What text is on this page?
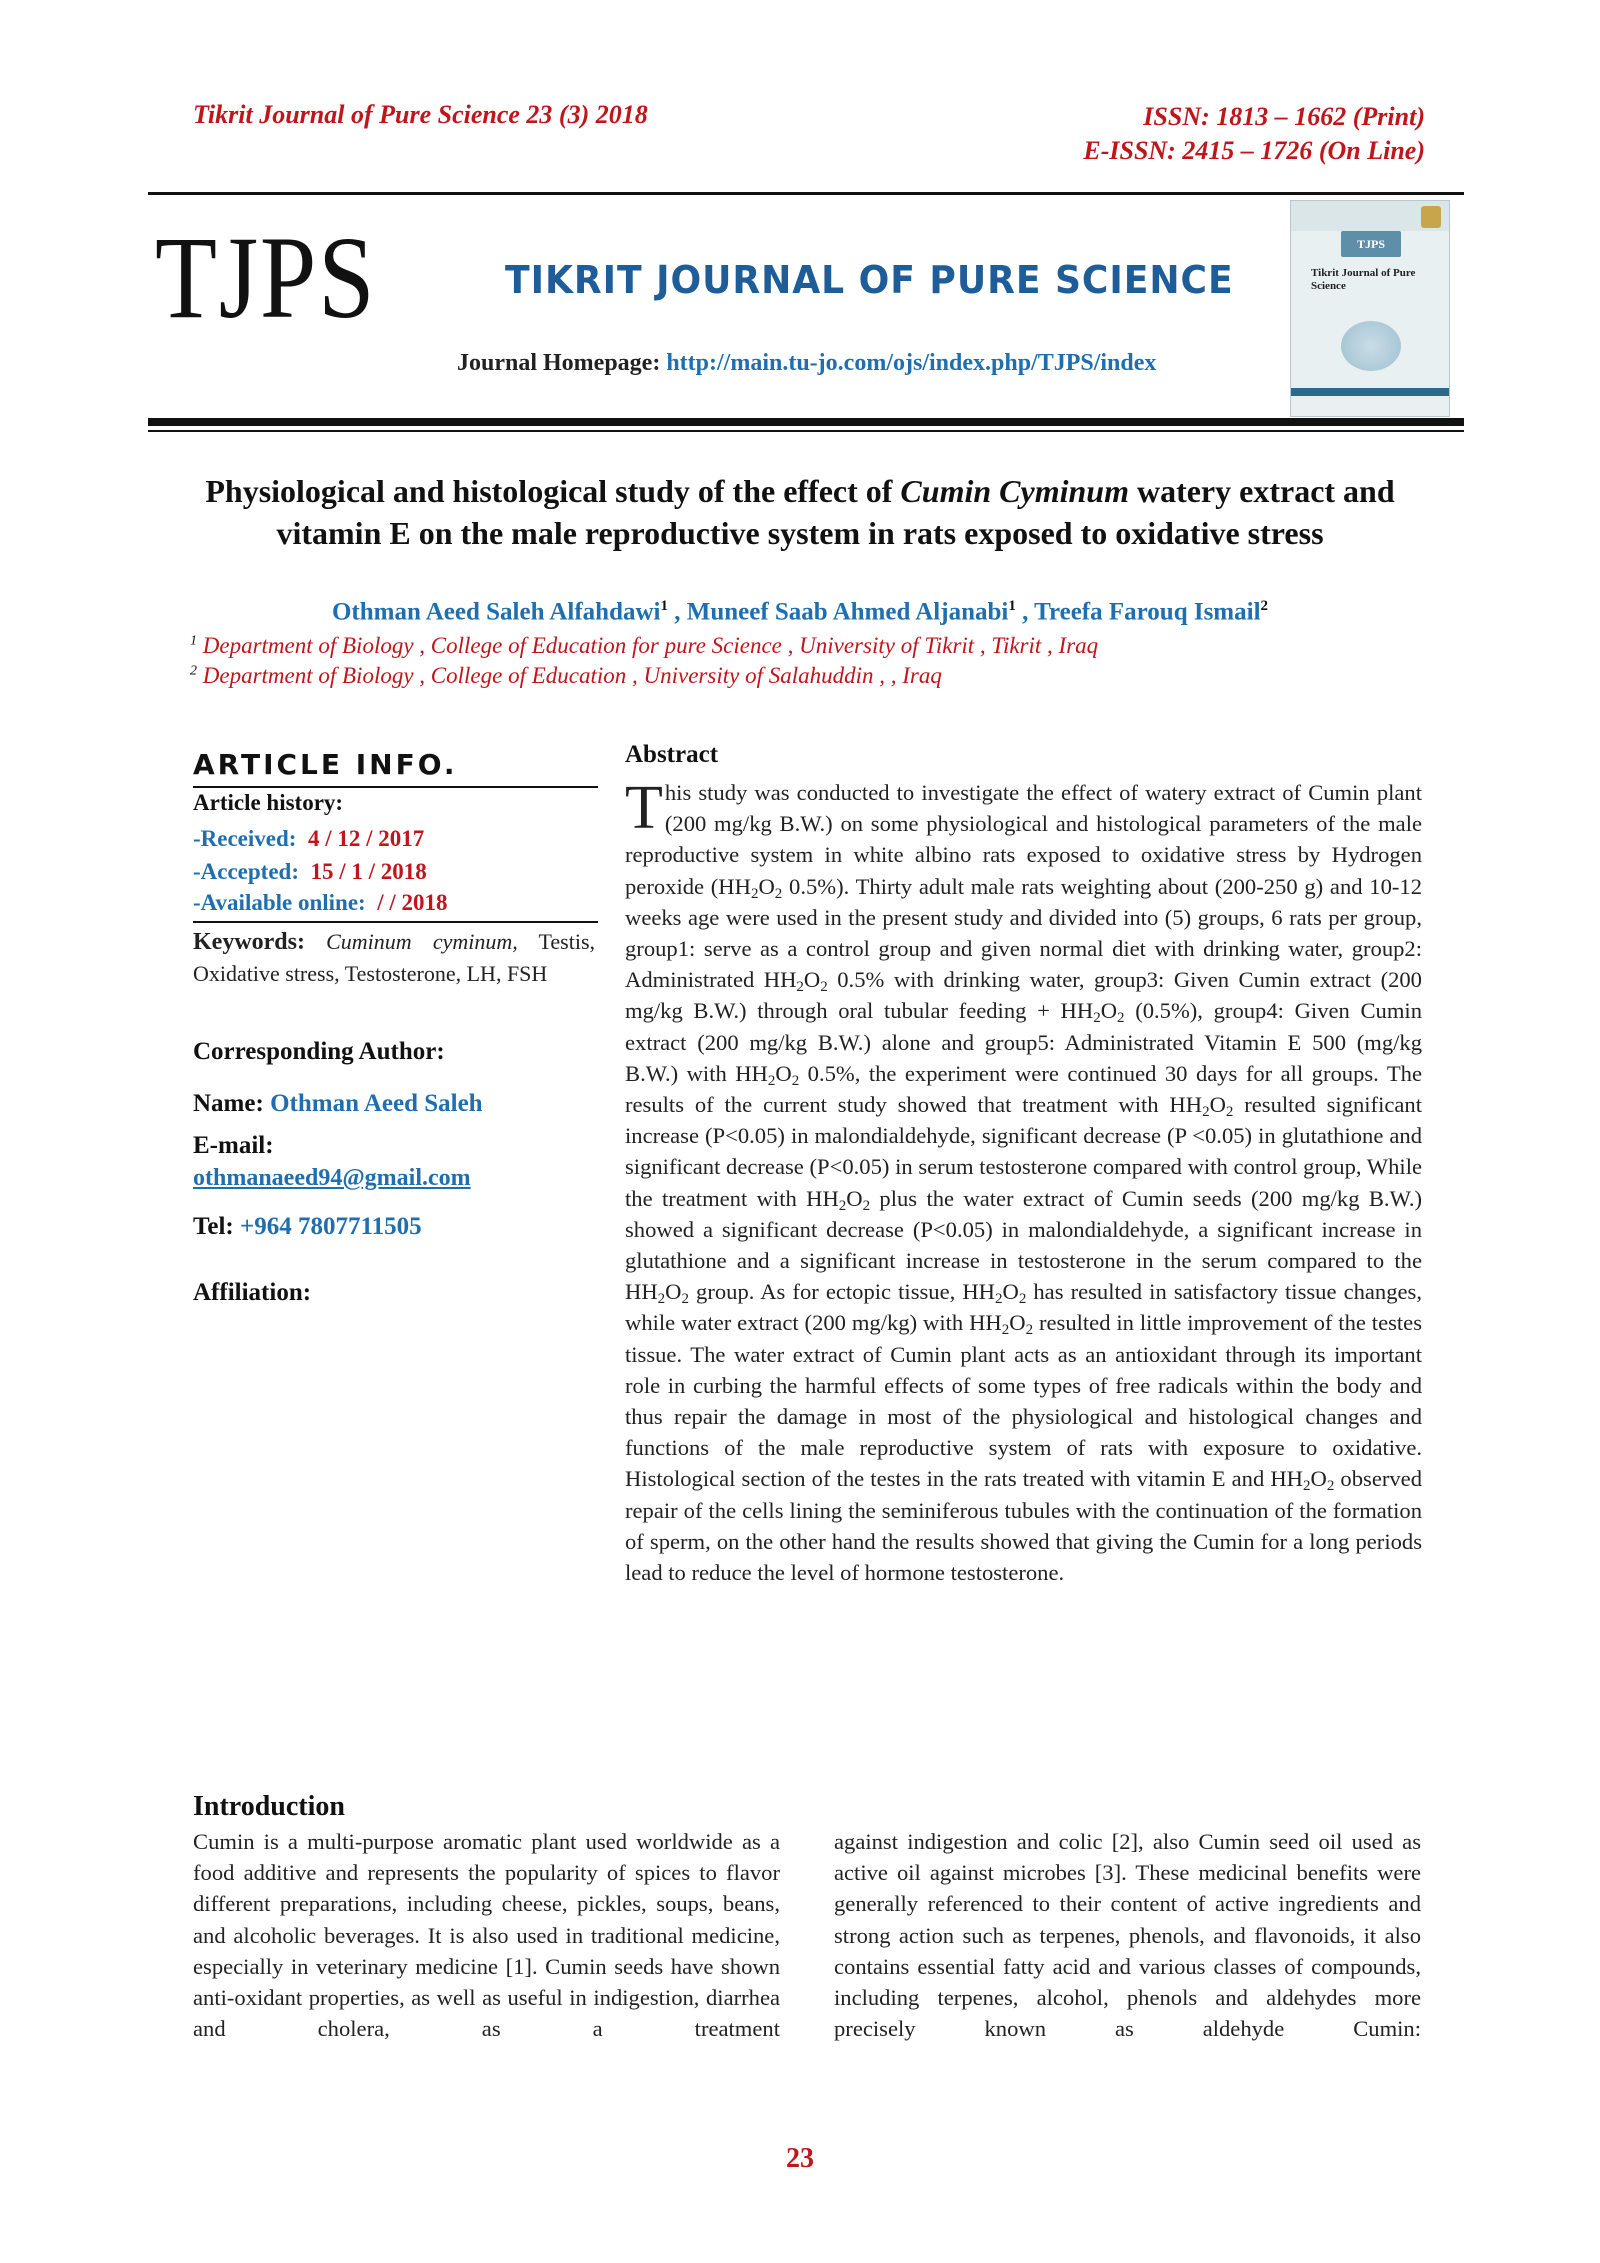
Tikrit Journal of Pure Science 23 (3) 2018	ISSN: 1813 – 1662 (Print)
E-ISSN: 2415 – 1726 (On Line)
TJPS	TIKRIT JOURNAL OF PURE SCIENCE
Journal Homepage: http://main.tu-jo.com/ojs/index.php/TJPS/index
TJPS
Tikrit Journal of Pure Science
Physiological and histological study of the effect of Cumin Cyminum watery extract and vitamin E on the male reproductive system in rats exposed to oxidative stress
Othman Aeed Saleh Alfahdawi$^1$ , Muneef Saab Ahmed Aljanabi$^1$ , Treefa Farouq Ismail$^2$
$^1$ Department of Biology , College of Education for pure Science , University of Tikrit , Tikrit , Iraq
$^2$ Department of Biology , College of Education , University of Salahuddin , , Iraq
ARTICLE INFO.
Article history:
-Received: 4 / 12 / 2017
-Accepted: 15 / 1 / 2018
-Available online: / / 2018
Keywords: Cuminum cyminum, Testis, Oxidative stress, Testosterone, LH, FSH
Corresponding Author:
Name: Othman Aeed Saleh
E-mail:
othmanaeed94@gmail.com
Tel: +964 7807711505
Affiliation:
Abstract
This study was conducted to investigate the effect of watery extract of Cumin plant (200 mg/kg B.W.) on some physiological and histological parameters of the male reproductive system in white albino rats exposed to oxidative stress by Hydrogen peroxide ($HH_2O_2$ 0.5%). Thirty adult male rats weighting about (200-250 g) and 10-12 weeks age were used in the present study and divided into (5) groups, 6 rats per group, group1: serve as a control group and given normal diet with drinking water, group2: Administrated $HH_2O_2$ 0.5% with drinking water, group3: Given Cumin extract (200 mg/kg B.W.) through oral tubular feeding + $HH_2O_2$ (0.5%), group4: Given Cumin extract (200 mg/kg B.W.) alone and group5: Administrated Vitamin E 500 (mg/kg B.W.) with $HH_2O_2$ 0.5%, the experiment were continued 30 days for all groups. The results of the current study showed that treatment with $HH_2O_2$ resulted significant increase (P<0.05) in malondialdehyde, significant decrease (P <0.05) in glutathione and significant decrease (P<0.05) in serum testosterone compared with control group, While the treatment with $HH_2O_2$ plus the water extract of Cumin seeds (200 mg/kg B.W.) showed a significant decrease (P<0.05) in malondialdehyde, a significant increase in glutathione and a significant increase in testosterone in the serum compared to the $HH_2O_2$ group. As for ectopic tissue, $HH_2O_2$ has resulted in satisfactory tissue changes, while water extract (200 mg/kg) with $HH_2O_2$ resulted in little improvement of the testes tissue. The water extract of Cumin plant acts as an antioxidant through its important role in curbing the harmful effects of some types of free radicals within the body and thus repair the damage in most of the physiological and histological changes and functions of the male reproductive system of rats with exposure to oxidative. Histological section of the testes in the rats treated with vitamin E and $HH_2O_2$ observed repair of the cells lining the seminiferous tubules with the continuation of the formation of sperm, on the other hand the results showed that giving the Cumin for a long periods lead to reduce the level of hormone testosterone.
Introduction
Cumin is a multi-purpose aromatic plant used worldwide as a food additive and represents the popularity of spices to flavor different preparations, including cheese, pickles, soups, beans, and alcoholic beverages. It is also used in traditional medicine, especially in veterinary medicine [1]. Cumin seeds have shown anti-oxidant properties, as well as useful in indigestion, diarrhea and cholera, as a treatment
against indigestion and colic [2], also Cumin seed oil used as active oil against microbes [3]. These medicinal benefits were generally referenced to their content of active ingredients and strong action such as terpenes, phenols, and flavonoids, it also contains essential fatty acid and various classes of compounds, including terpenes, alcohol, phenols and aldehydes more precisely known as aldehyde Cumin:
23
